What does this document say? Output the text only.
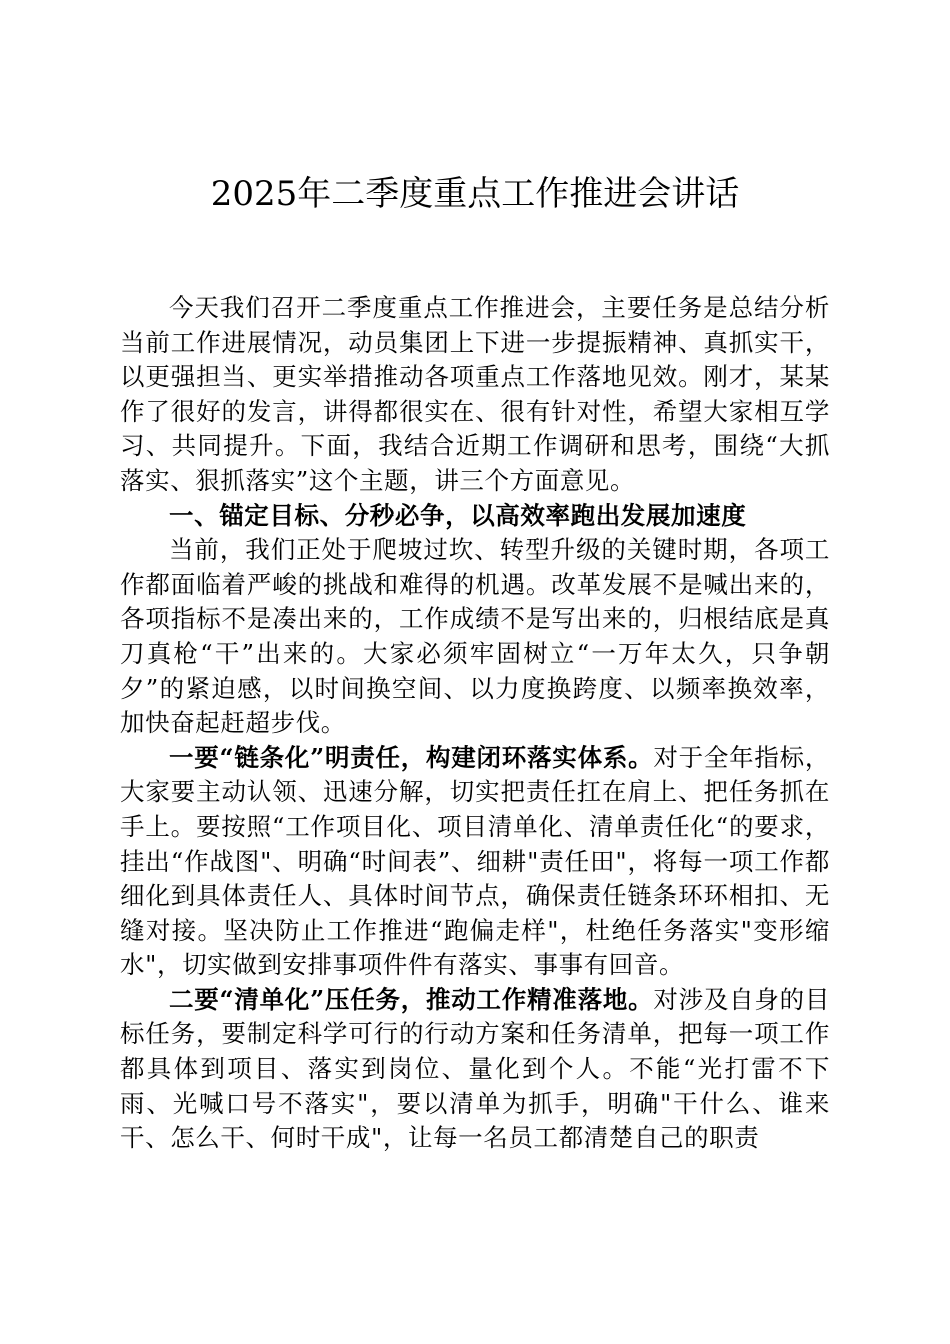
2025年二季度重点工作推进会讲话

今天我们召开二季度重点工作推进会，主要任务是总结分析当前工作进展情况，动员集团上下进一步提振精神、真抓实干，以更强担当、更实举措推动各项重点工作落地见效。刚才，某某作了很好的发言，讲得都很实在、很有针对性，希望大家相互学习、共同提升。下面，我结合近期工作调研和思考，围绕“大抓落实、狠抓落实”这个主题，讲三个方面意见。

一、锚定目标、分秒必争，以高效率跑出发展加速度

当前，我们正处于爬坡过坎、转型升级的关键时期，各项工作都面临着严峻的挑战和难得的机遇。改革发展不是喊出来的，各项指标不是凑出来的，工作成绩不是写出来的，归根结底是真刀真枪“干”出来的。大家必须牢固树立“一万年太久，只争朝夕”的紧迫感，以时间换空间、以力度换跨度、以频率换效率，加快奋起赶超步伐。

一要“链条化”明责任，构建闭环落实体系。对于全年指标，大家要主动认领、迅速分解，切实把责任扛在肩上、把任务抓在手上。要按照“工作项目化、项目清单化、清单责任化“的要求，挂出“作战图"、明确“时间表”、细耕"责任田"，将每一项工作都细化到具体责任人、具体时间节点，确保责任链条环环相扣、无缝对接。坚决防止工作推进“跑偏走样"，杜绝任务落实"变形缩水"，切实做到安排事项件件有落实、事事有回音。

二要“清单化”压任务，推动工作精准落地。对涉及自身的目标任务，要制定科学可行的行动方案和任务清单，把每一项工作都具体到项目、落实到岗位、量化到个人。不能“光打雷不下雨、光喊口号不落实"，要以清单为抓手，明确"干什么、谁来干、怎么干、何时干成"，让每一名员工都清楚自己的职责
